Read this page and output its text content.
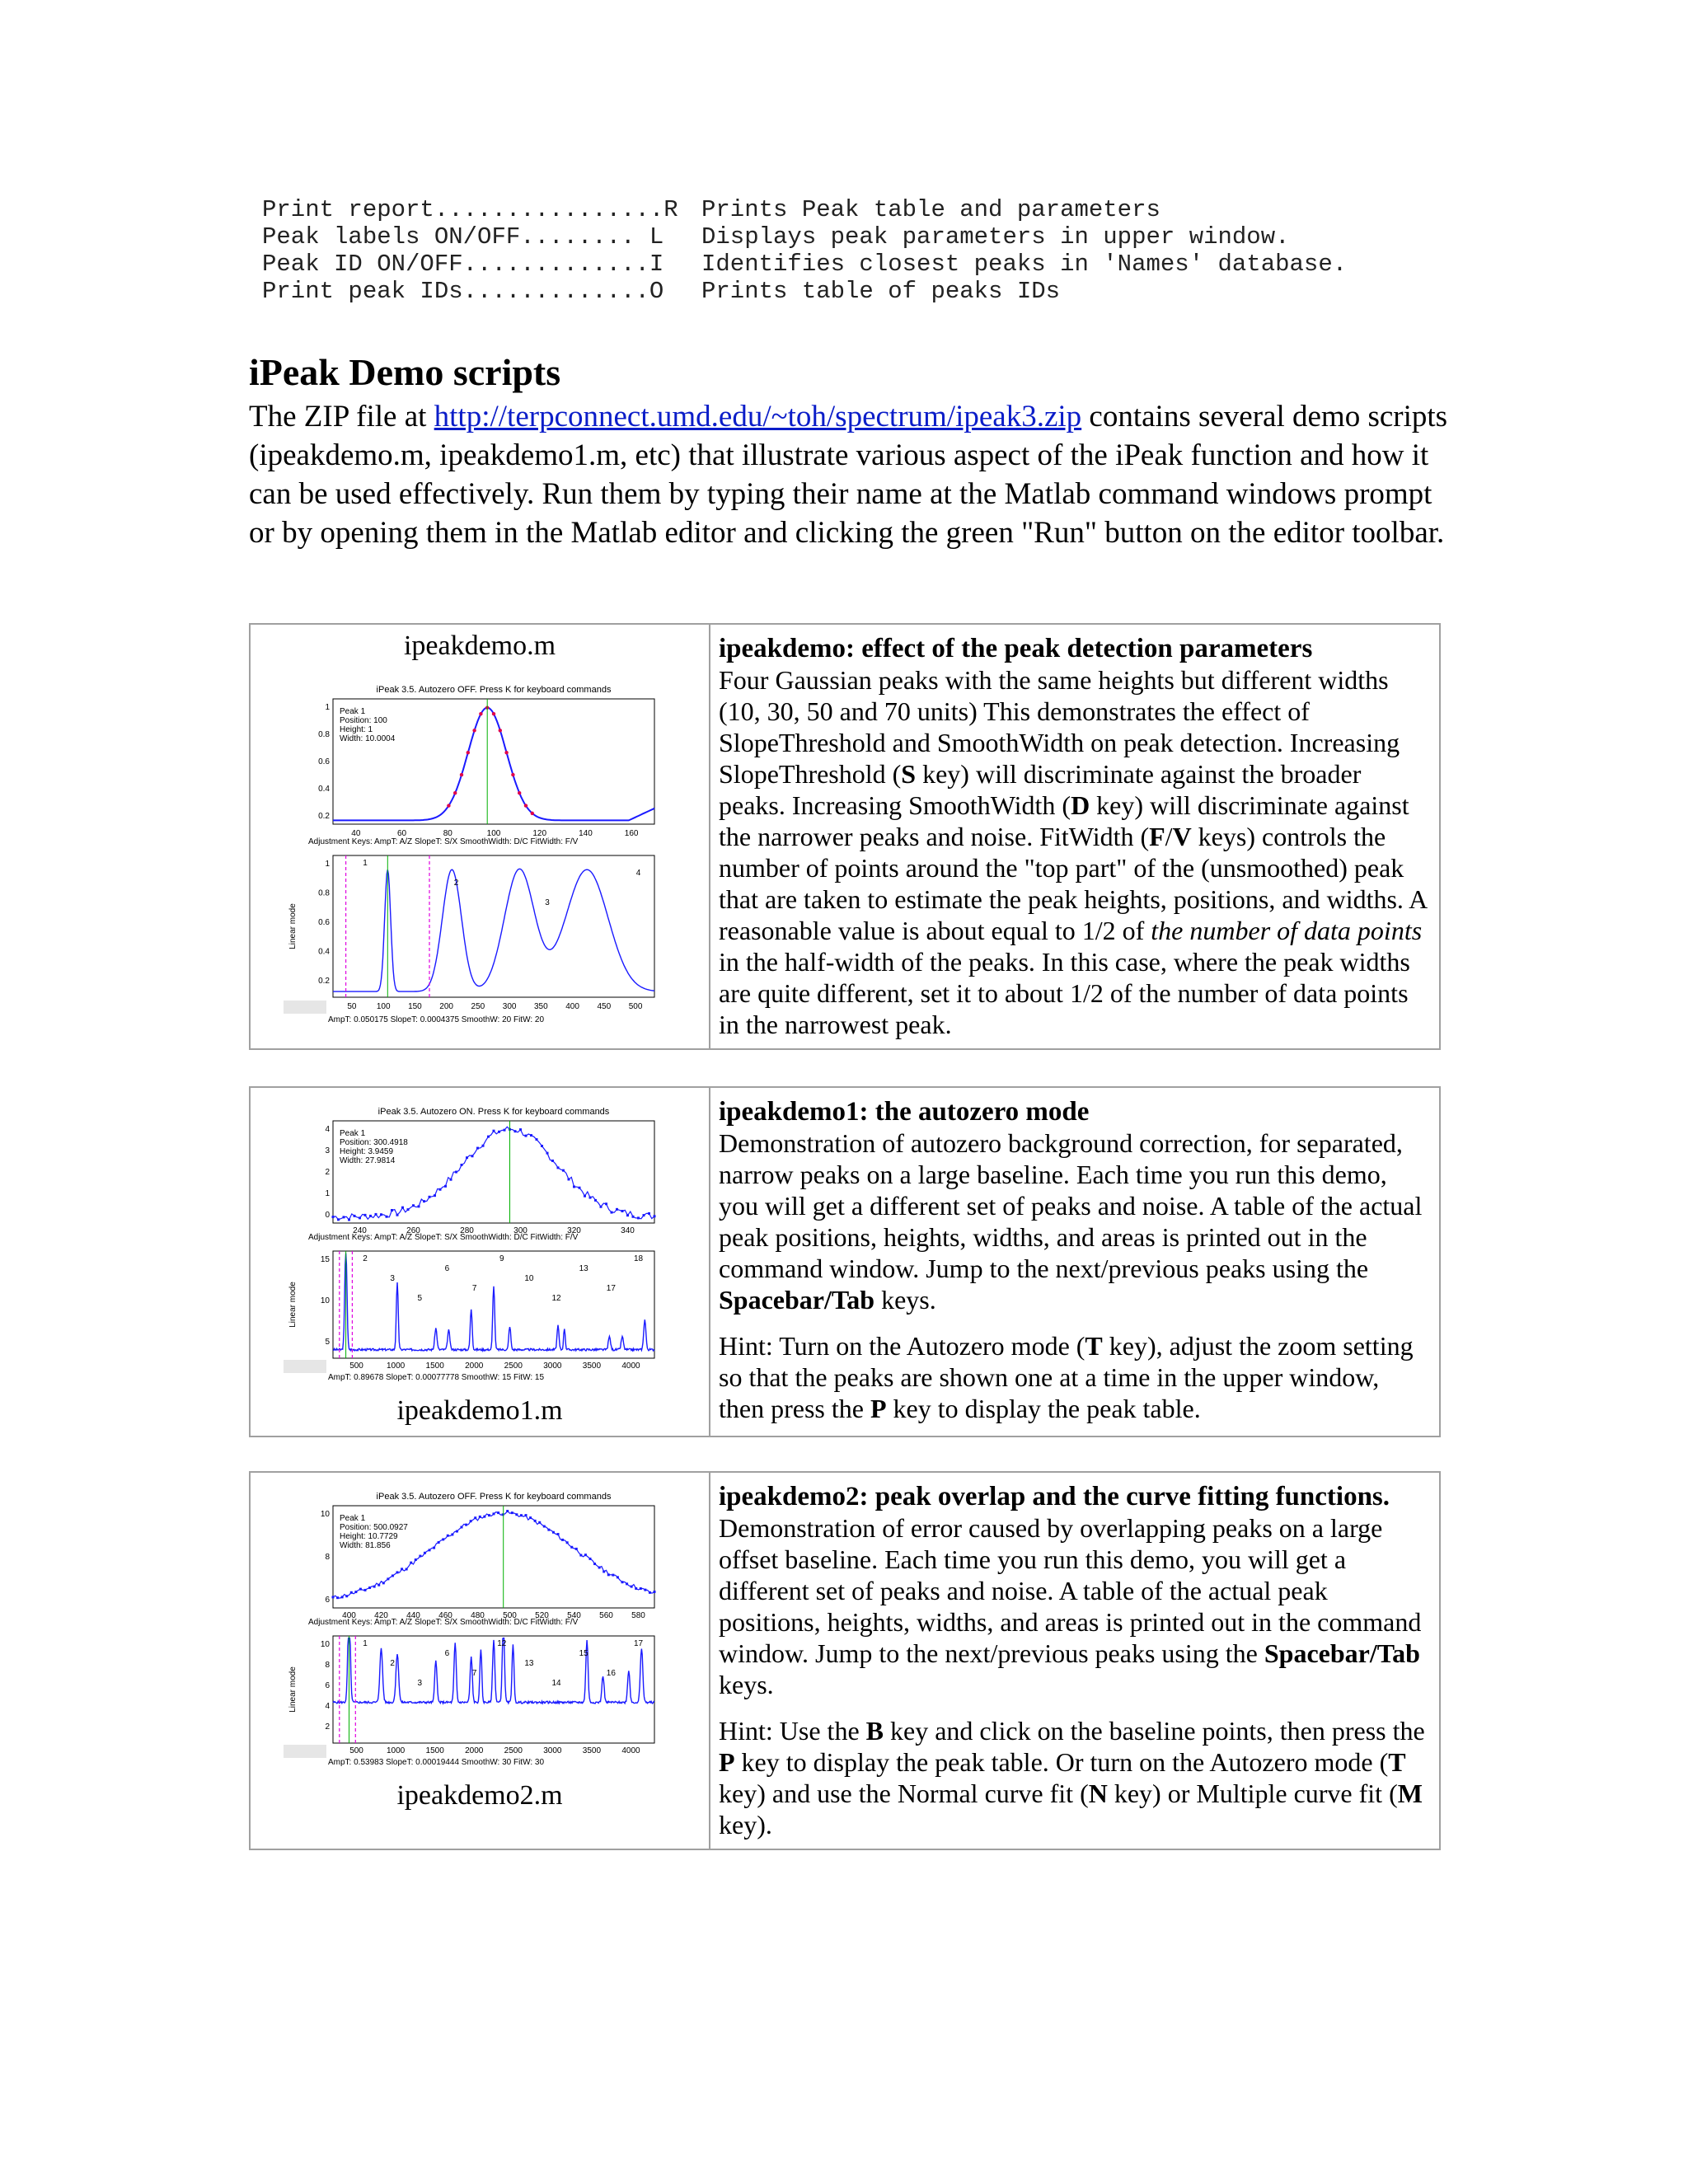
Print report................R Prints Peak table and parameters
Peak labels ON/OFF........ L	Displays peak parameters in upper window.
Peak ID ON/OFF.............I	Identifies closest peaks in 'Names' database.
Print peak IDs.............O	Prints table of peaks IDs
iPeak Demo scripts
The ZIP file at http://terpconnect.umd.edu/~toh/spectrum/ipeak3.zip contains several demo scripts (ipeakdemo.m, ipeakdemo1.m, etc) that illustrate various aspect of the iPeak function and how it can be used effectively. Run them by typing their name at the Matlab command windows prompt or by opening them in the Matlab editor and clicking the green "Run" button on the editor toolbar.
ipeakdemo.m
iPeak 3.5. Autozero OFF. Press K for keyboard commands
Peak 1
Position: 100
Height: 1
Width: 10.0004
40	60	80	100	120	140	160
1
0.8
0.6
0.4
0.2
Adjustment Keys: AmpT: A/Z SlopeT: S/X SmoothWidth: D/C FitWidth: F/V
1
2
3
4
Linear mode
50 100 150 200 250 300 350 400 450 500
1
0.8
0.6
0.4
0.2
AmpT: 0.050175 SlopeT: 0.0004375 SmoothW: 20 FitW: 20
ipeakdemo: effect of the peak detection parameters

Four Gaussian peaks with the same heights but different widths (10, 30, 50 and 70 units) This demonstrates the effect of SlopeThreshold and SmoothWidth on peak detection. Increasing SlopeThreshold (S key) will discriminate against the broader peaks. Increasing SmoothWidth (D key) will discriminate against the narrower peaks and noise. FitWidth (F/V keys) controls the number of points around the "top part" of the (unsmoothed) peak that are taken to estimate the peak heights, positions, and widths. A reasonable value is about equal to 1/2 of the number of data points in the half-width of the peaks. In this case, where the peak widths are quite different, set it to about 1/2 of the number of data points in the narrowest peak.

iPeak 3.5. Autozero ON. Press K for keyboard commands
Peak 1
Position: 300.4918
Height: 3.9459
Width: 27.9814
240	260	280	300	320	340
4
3
2
1
0
Adjustment Keys: AmpT: A/Z SlopeT: S/X SmoothWidth: D/C FitWidth: F/V
2
3
5
6
7
9
10
12
13
17
18
Linear mode
500	1000	1500	2000	2500	3000	3500	4000
15
10
5
AmpT: 0.89678 SlopeT: 0.00077778 SmoothW: 15 FitW: 15
ipeakdemo1.m
ipeakdemo1: the autozero mode

Demonstration of autozero background correction, for separated, narrow peaks on a large baseline. Each time you run this demo, you will get a different set of peaks and noise. A table of the actual peak positions, heights, widths, and areas is printed out in the command window. Jump to the next/previous peaks using the Spacebar/Tab keys.

Hint: Turn on the Autozero mode (T key), adjust the zoom setting so that the peaks are shown one at a time in the upper window, then press the P key to display the peak table.

iPeak 3.5. Autozero OFF. Press K for keyboard commands
Peak 1
Position: 500.0927
Height: 10.7729
Width: 81.856
400 420 440 460 480 500 520 540 560 580
10
8
6
Adjustment Keys: AmpT: A/Z SlopeT: S/X SmoothWidth: D/C FitWidth: F/V
1
2
3
6
7
12
13
14
15
16
17
Linear mode
500	1000	1500	2000	2500	3000	3500	4000
10
8
6
4
2
AmpT: 0.53983 SlopeT: 0.00019444 SmoothW: 30 FitW: 30
ipeakdemo2.m
ipeakdemo2: peak overlap and the curve fitting functions.

Demonstration of error caused by overlapping peaks on a large offset baseline. Each time you run this demo, you will get a different set of peaks and noise. A table of the actual peak positions, heights, widths, and areas is printed out in the command window. Jump to the next/previous peaks using the Spacebar/Tab keys.

Hint: Use the B key and click on the baseline points, then press the P key to display the peak table. Or turn on the Autozero mode (T key) and use the Normal curve fit (N key) or Multiple curve fit (M key).
